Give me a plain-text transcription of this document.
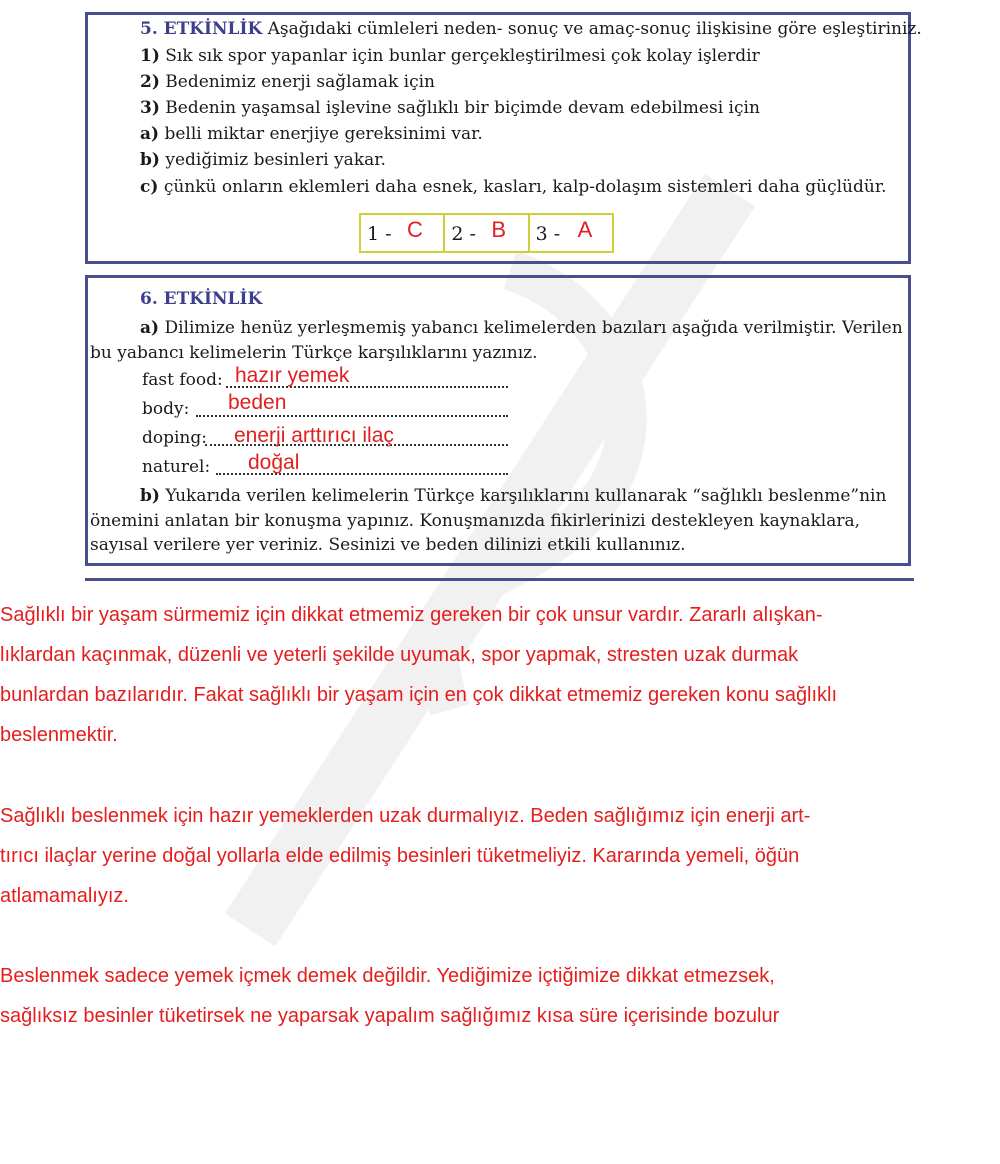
5. ETKİNLİK Aşağıdaki cümleleri neden- sonuç ve amaç-sonuç ilişkisine göre eşleştiriniz.
1) Sık sık spor yapanlar için bunlar gerçekleştirilmesi çok kolay işlerdir
2) Bedenimiz enerji sağlamak için
3) Bedenin yaşamsal işlevine sağlıklı bir biçimde devam edebilmesi için
a) belli miktar enerjiye gereksinimi var.
b) yediğimiz besinleri yakar.
c) çünkü onların eklemleri daha esnek, kasları, kalp-dolaşım sistemleri daha güçlüdür.
1 - C 2 - B 3 - A
6. ETKİNLİK
a) Dilimize henüz yerleşmemiş yabancı kelimelerden bazıları aşağıda verilmiştir. Verilen
bu yabancı kelimelerin Türkçe karşılıklarını yazınız.
fast food: hazır yemek
body: beden
doping: enerji arttırıcı ilaç
naturel: doğal
b) Yukarıda verilen kelimelerin Türkçe karşılıklarını kullanarak “sağlıklı beslenme”nin
önemini anlatan bir konuşma yapınız. Konuşmanızda fikirlerinizi destekleyen kaynaklara,
sayısal verilere yer veriniz. Sesinizi ve beden dilinizi etkili kullanınız.
Sağlıklı bir yaşam sürmemiz için dikkat etmemiz gereken bir çok unsur vardır. Zararlı alışkan-
lıklardan kaçınmak, düzenli ve yeterli şekilde uyumak, spor yapmak, stresten uzak durmak
bunlardan bazılarıdır. Fakat sağlıklı bir yaşam için en çok dikkat etmemiz gereken konu sağlıklı
beslenmektir.
Sağlıklı beslenmek için hazır yemeklerden uzak durmalıyız. Beden sağlığımız için enerji art-
tırıcı ilaçlar yerine doğal yollarla elde edilmiş besinleri tüketmeliyiz. Kararında yemeli, öğün
atlamamalıyız.
Beslenmek sadece yemek içmek demek değildir. Yediğimize içtiğimize dikkat etmezsek,
sağlıksız besinler tüketirsek ne yaparsak yapalım sağlığımız kısa süre içerisinde bozulur
